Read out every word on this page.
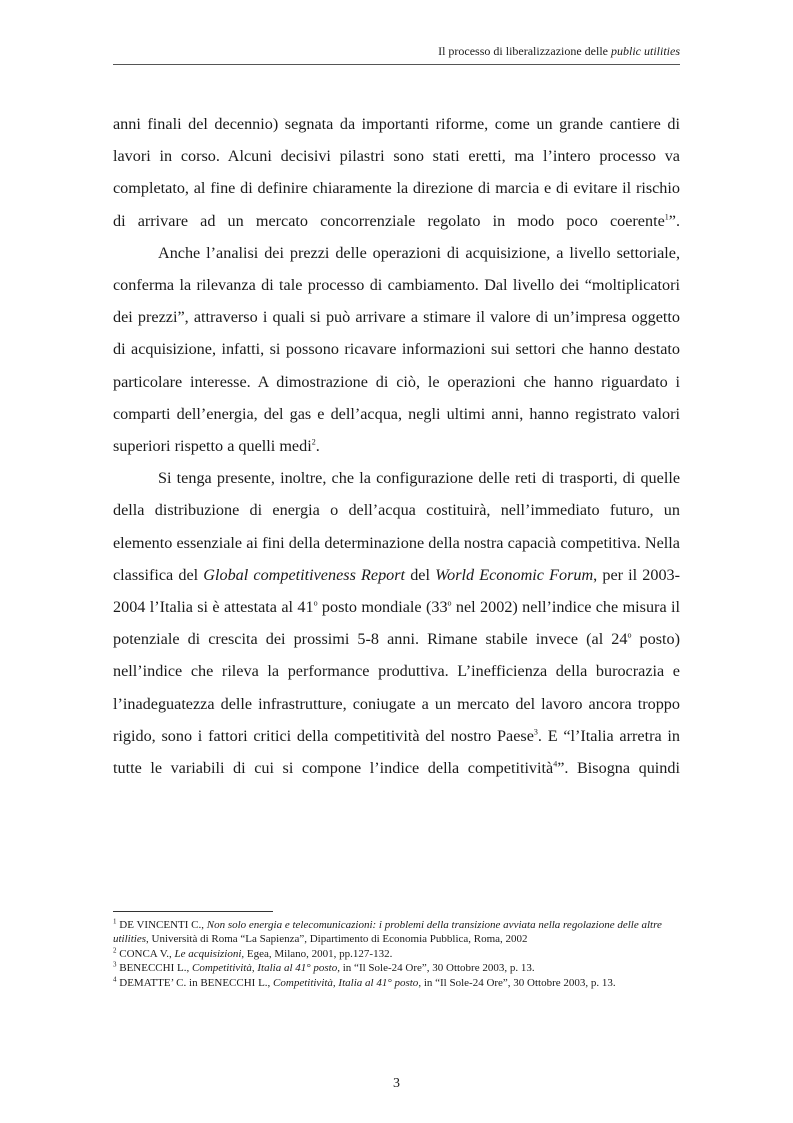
Il processo di liberalizzazione delle public utilities

anni finali del decennio) segnata da importanti riforme, come un grande cantiere di lavori in corso. Alcuni decisivi pilastri sono stati eretti, ma l’intero processo va completato, al fine di definire chiaramente la direzione di marcia e di evitare il rischio di arrivare ad un mercato concorrenziale regolato in modo poco coerente$^1$”.

Anche l’analisi dei prezzi delle operazioni di acquisizione, a livello settoriale, conferma la rilevanza di tale processo di cambiamento. Dal livello dei “moltiplicatori dei prezzi”, attraverso i quali si può arrivare a stimare il valore di un’impresa oggetto di acquisizione, infatti, si possono ricavare informazioni sui settori che hanno destato particolare interesse. A dimostrazione di ciò, le operazioni che hanno riguardato i comparti dell’energia, del gas e dell’acqua, negli ultimi anni, hanno registrato valori superiori rispetto a quelli medi$^2$.

Si tenga presente, inoltre, che la configurazione delle reti di trasporti, di quelle della distribuzione di energia o dell’acqua costituirà, nell’immediato futuro, un elemento essenziale ai fini della determinazione della nostra capacià competitiva. Nella classifica del Global competitiveness Report del World Economic Forum, per il 2003-2004 l’Italia si è attestata al 41$^o$ posto mondiale (33$^o$ nel 2002) nell’indice che misura il potenziale di crescita dei prossimi 5-8 anni. Rimane stabile invece (al 24$^o$ posto) nell’indice che rileva la performance produttiva. L’inefficienza della burocrazia e l’inadeguatezza delle infrastrutture, coniugate a un mercato del lavoro ancora troppo rigido, sono i fattori critici della competitività del nostro Paese$^3$. E “l’Italia arretra in tutte le variabili di cui si compone l’indice della competitività$^4$”. Bisogna quindi

$^1$ DE VINCENTI C., Non solo energia e telecomunicazioni: i problemi della transizione avviata nella regolazione delle altre utilities, Università di Roma “La Sapienza”, Dipartimento di Economia Pubblica, Roma, 2002

$^2$ CONCA V., Le acquisizioni, Egea, Milano, 2001, pp.127-132.

$^3$ BENECCHI L., Competitività, Italia al 41° posto, in “Il Sole-24 Ore”, 30 Ottobre 2003, p. 13.

$^4$ DEMATTE’ C. in BENECCHI L., Competitività, Italia al 41° posto, in “Il Sole-24 Ore”, 30 Ottobre 2003, p. 13.

3
